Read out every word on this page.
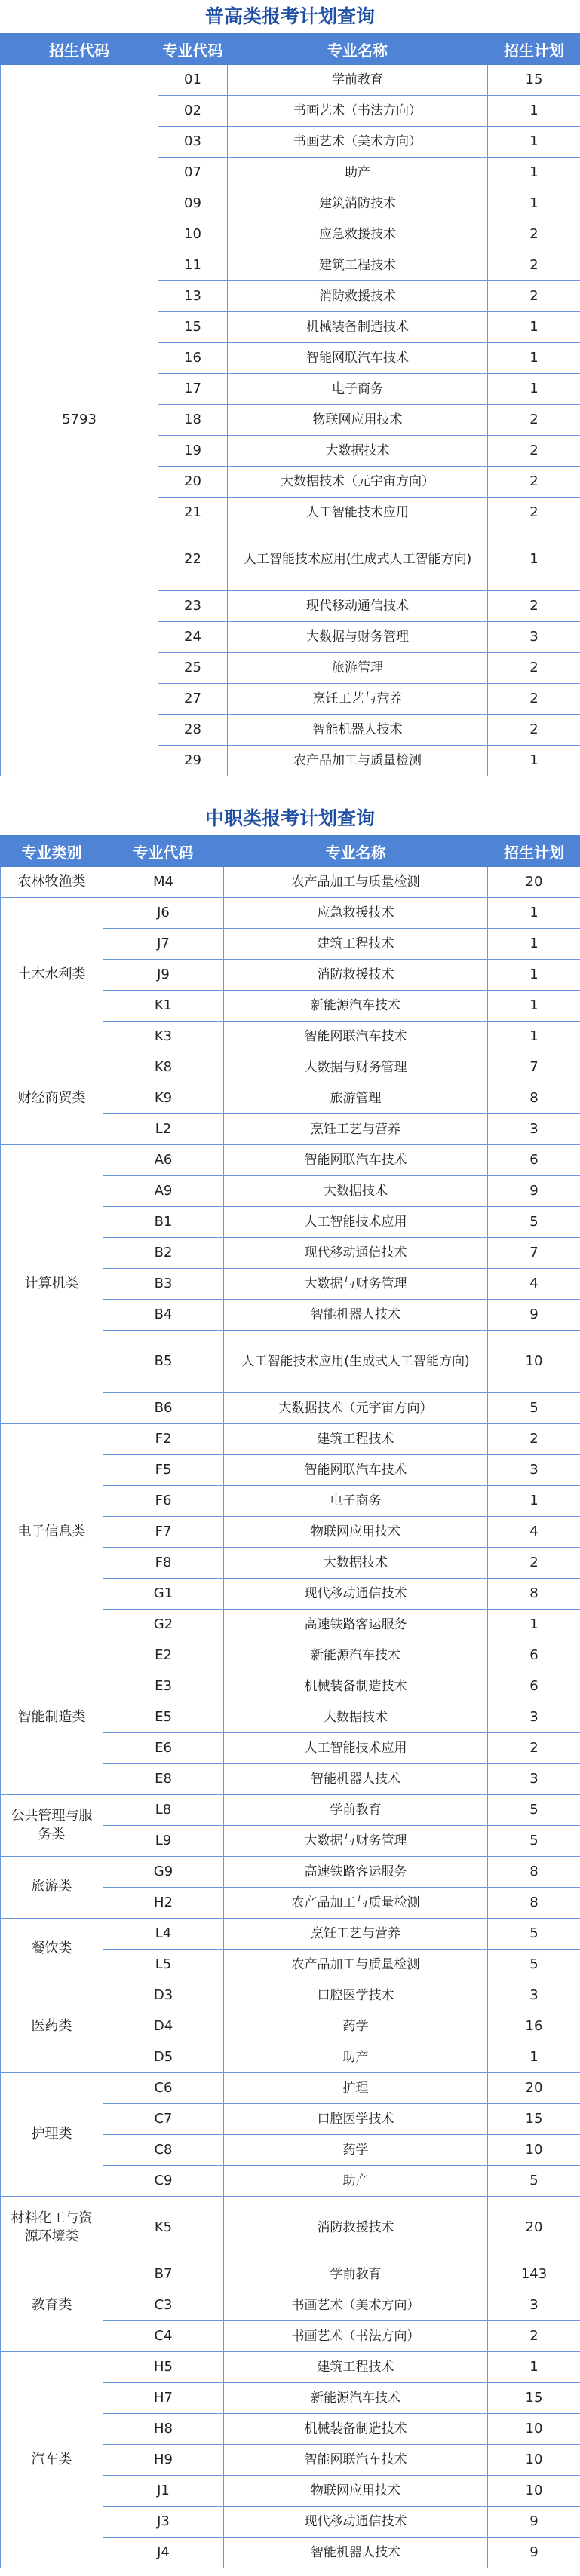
普高类报考计划查询
招生代码	专业代码	专业名称	招生计划
5793	01	学前教育	15
	02	书画艺术（书法方向）	1
	03	书画艺术（美术方向）	1
	07	助产	1
	09	建筑消防技术	1
	10	应急救援技术	2
	11	建筑工程技术	2
	13	消防救援技术	2
	15	机械装备制造技术	1
	16	智能网联汽车技术	1
	17	电子商务	1
	18	物联网应用技术	2
	19	大数据技术	2
	20	大数据技术（元宇宙方向）	2
	21	人工智能技术应用	2
	22	人工智能技术应用(生成式人工智能方向)	1
	23	现代移动通信技术	2
	24	大数据与财务管理	3
	25	旅游管理	2
	27	烹饪工艺与营养	2
	28	智能机器人技术	2
	29	农产品加工与质量检测	1
中职类报考计划查询
专业类别	专业代码	专业名称	招生计划
农林牧渔类	M4	农产品加工与质量检测	20
土木水利类	J6	应急救援技术	1
	J7	建筑工程技术	1
	J9	消防救援技术	1
	K1	新能源汽车技术	1
	K3	智能网联汽车技术	1
财经商贸类	K8	大数据与财务管理	7
	K9	旅游管理	8
	L2	烹饪工艺与营养	3
计算机类	A6	智能网联汽车技术	6
	A9	大数据技术	9
	B1	人工智能技术应用	5
	B2	现代移动通信技术	7
	B3	大数据与财务管理	4
	B4	智能机器人技术	9
	B5	人工智能技术应用(生成式人工智能方向)	10
	B6	大数据技术（元宇宙方向）	5
电子信息类	F2	建筑工程技术	2
	F5	智能网联汽车技术	3
	F6	电子商务	1
	F7	物联网应用技术	4
	F8	大数据技术	2
	G1	现代移动通信技术	8
	G2	高速铁路客运服务	1
智能制造类	E2	新能源汽车技术	6
	E3	机械装备制造技术	6
	E5	大数据技术	3
	E6	人工智能技术应用	2
	E8	智能机器人技术	3
公共管理与服务类	L8	学前教育	5
	L9	大数据与财务管理	5
旅游类	G9	高速铁路客运服务	8
	H2	农产品加工与质量检测	8
餐饮类	L4	烹饪工艺与营养	5
	L5	农产品加工与质量检测	5
医药类	D3	口腔医学技术	3
	D4	药学	16
	D5	助产	1
护理类	C6	护理	20
	C7	口腔医学技术	15
	C8	药学	10
	C9	助产	5
材料化工与资源环境类	K5	消防救援技术	20
教育类	B7	学前教育	143
	C3	书画艺术（美术方向）	3
	C4	书画艺术（书法方向）	2
汽车类	H5	建筑工程技术	1
	H7	新能源汽车技术	15
	H8	机械装备制造技术	10
	H9	智能网联汽车技术	10
	J1	物联网应用技术	10
	J3	现代移动通信技术	9
	J4	智能机器人技术	9
